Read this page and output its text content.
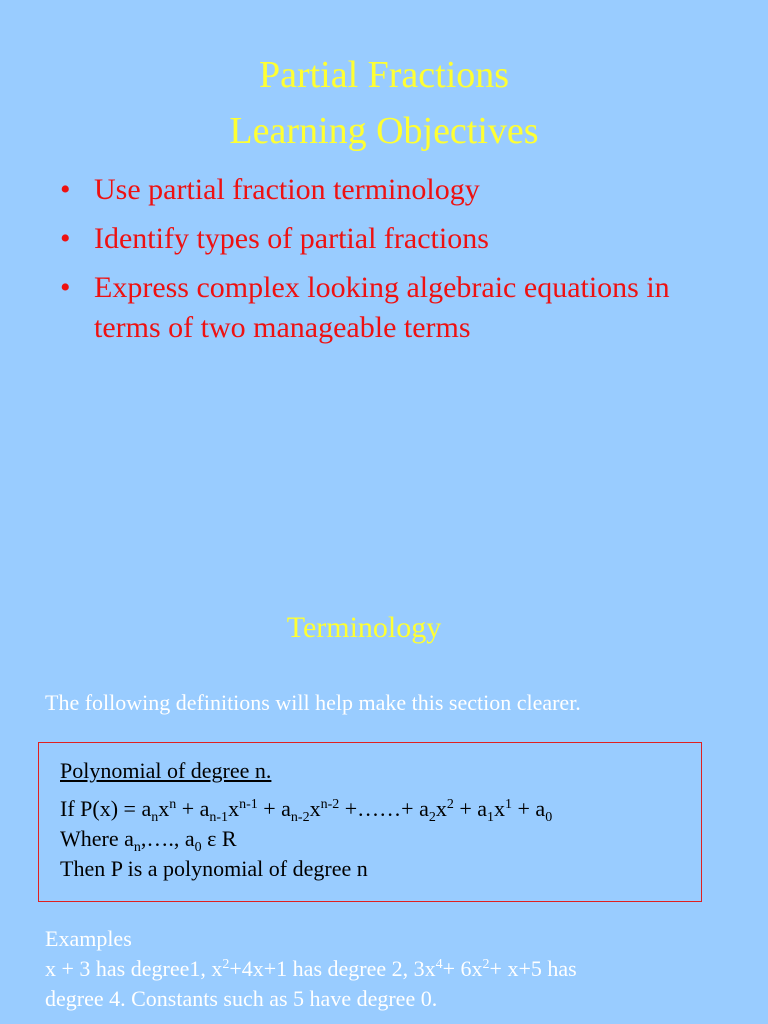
Partial Fractions
Learning Objectives
• Use partial fraction terminology
• Identify types of partial fractions
• Express complex looking algebraic equations in terms of two manageable terms
Terminology
The following definitions will help make this section clearer.
Polynomial of degree n.
If $P(x) = a_nx^n + a_{n-1}x^{n-1} + a_{n-2}x^{n-2}$ +……+ $a_2x^2 + a_1x^1 + a_0$
Where $a_n,\dots$., $a_0$ ε R
Then P is a polynomial of degree n
Examples
x + 3 has degree1, $x^2+4x+1$ has degree 2, $3x^4+ 6x^2+ x+5$ has
degree 4. Constants such as 5 have degree 0.
